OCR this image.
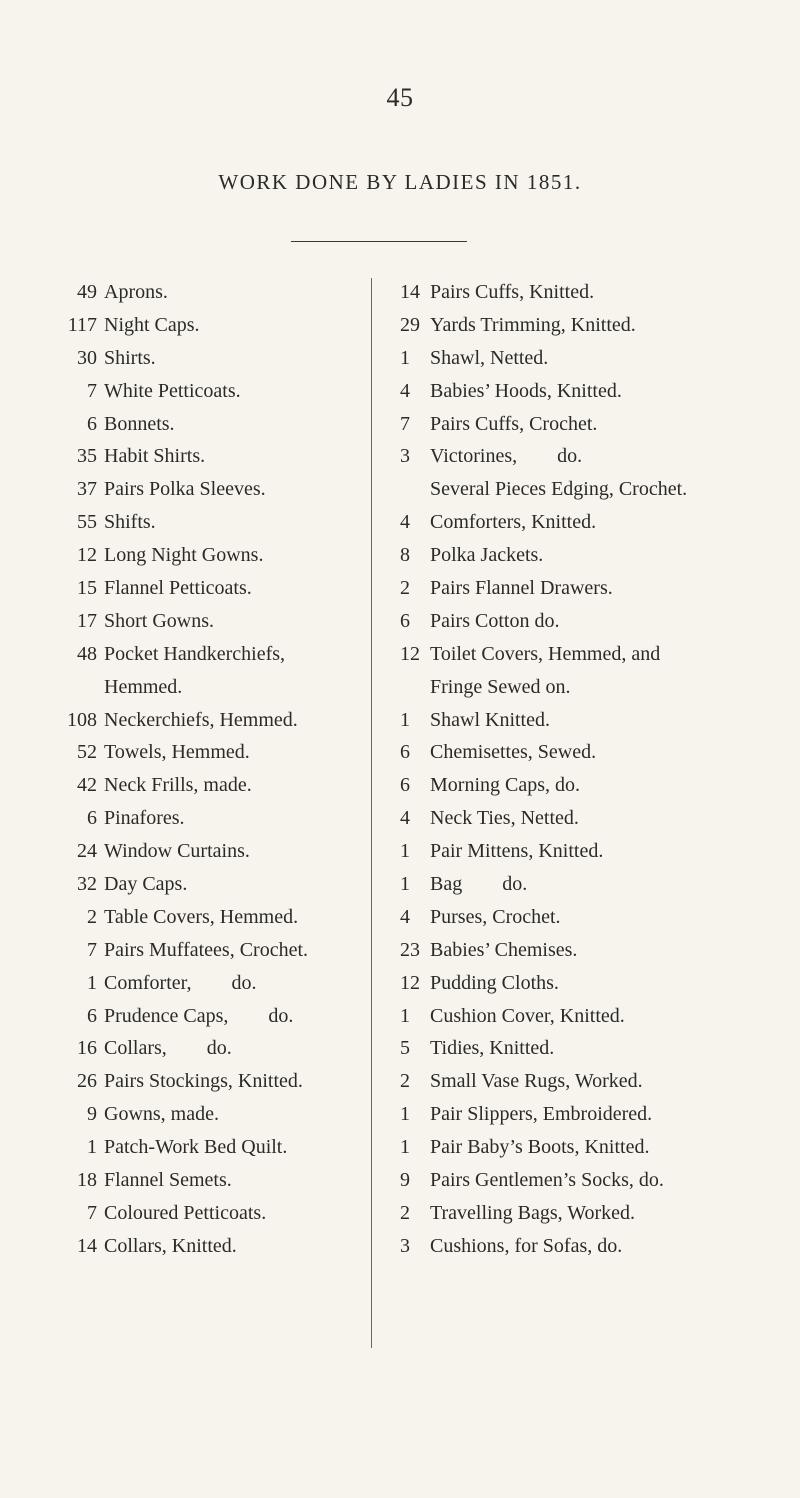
45
WORK DONE BY LADIES IN 1851.
49 Aprons.
117 Night Caps.
30 Shirts.
7 White Petticoats.
6 Bonnets.
35 Habit Shirts.
37 Pairs Polka Sleeves.
55 Shifts.
12 Long Night Gowns.
15 Flannel Petticoats.
17 Short Gowns.
48 Pocket Handkerchiefs,
Hemmed.
108 Neckerchiefs, Hemmed.
52 Towels, Hemmed.
42 Neck Frills, made.
6 Pinafores.
24 Window Curtains.
32 Day Caps.
2 Table Covers, Hemmed.
7 Pairs Muffatees, Crochet.
1 Comforter,	do.
6 Prudence Caps,	do.
16 Collars,	do.
26 Pairs Stockings, Knitted.
9 Gowns, made.
1 Patch-Work Bed Quilt.
18 Flannel Semets.
7 Coloured Petticoats.
14 Collars, Knitted.
14 Pairs Cuffs, Knitted.
29 Yards Trimming, Knitted.
1	Shawl, Netted.
4	Babies’ Hoods, Knitted.
7	Pairs Cuffs, Crochet.
3	Victorines,	do.
Several Pieces Edging, Crochet.
4	Comforters, Knitted.
8	Polka Jackets.
2	Pairs Flannel Drawers.
6	Pairs Cotton do.
12 Toilet Covers, Hemmed, and
Fringe Sewed on.
1	Shawl Knitted.
6	Chemisettes, Sewed.
6	Morning Caps, do.
4	Neck Ties, Netted.
1	Pair Mittens, Knitted.
1	Bag	do.
4	Purses, Crochet.
23 Babies’ Chemises.
12 Pudding Cloths.
1	Cushion Cover, Knitted.
5	Tidies, Knitted.
2	Small Vase Rugs, Worked.
1	Pair Slippers, Embroidered.
1	Pair Baby’s Boots, Knitted.
9	Pairs Gentlemen’s Socks, do.
2	Travelling Bags, Worked.
3	Cushions, for Sofas, do.
